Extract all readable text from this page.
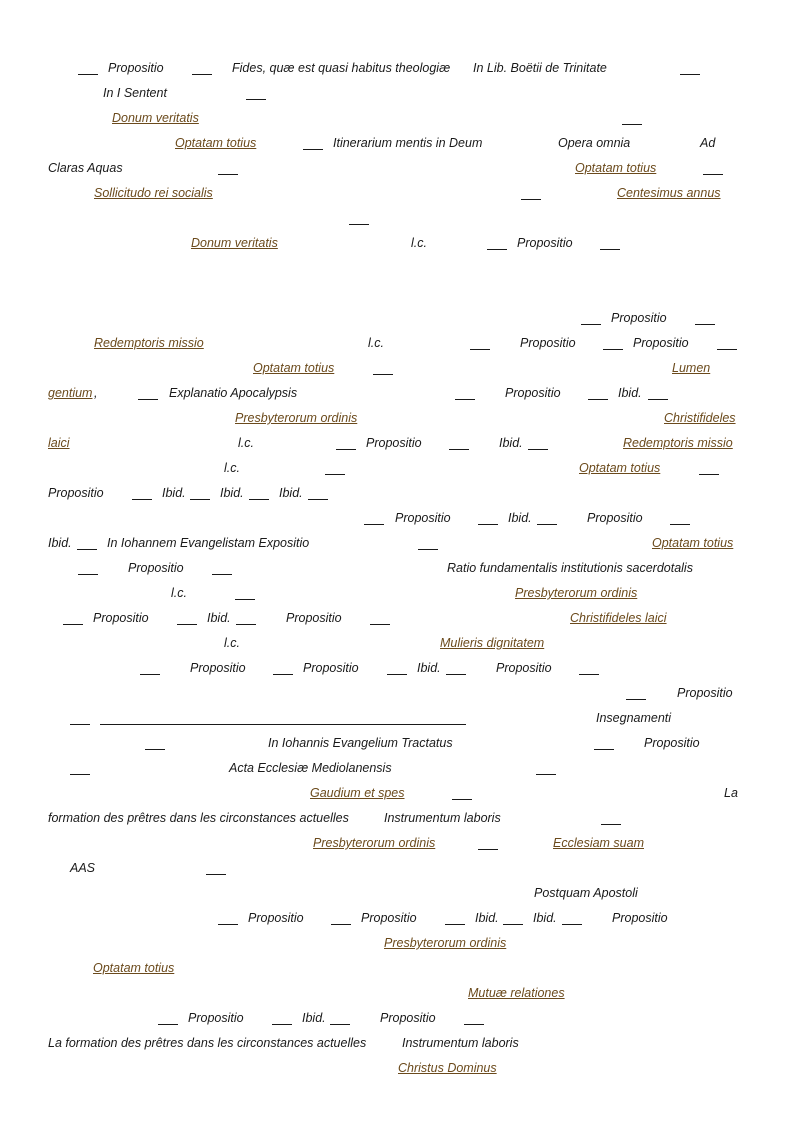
Propositio	Fides, quæ est quasi habitus theologiæ In Lib. Boëtii de Trinitate
In I Sentent
Donum veritatis
Optatam totius	Itinerarium mentis in Deum	Opera omnia	Ad
Claras Aquas	Optatam totius
Sollicitudo rei socialis	Centesimus annus
Donum veritatis	l.c.	Propositio
Propositio
Redemptoris missio	l.c.	Propositio	Propositio
Optatam totius	Lumen
gentium ,	Explanatio Apocalypsis	Propositio	Ibid.
Presbyterorum ordinis	Christifideles
laici	l.c.	Propositio	Ibid.	Redemptoris missio
l.c.	Optatam totius
Propositio	Ibid.	Ibid.	Ibid.
Propositio	Ibid.	Propositio
Ibid.	In Iohannem Evangelistam Expositio	Optatam totius
Propositio	Ratio fundamentalis institutionis sacerdotalis
l.c.	Presbyterorum ordinis
Propositio	Ibid.	Propositio	Christifideles laici
l.c.	Mulieris dignitatem
Propositio	Propositio	Ibid.	Propositio
Propositio
Insegnamenti
In Iohannis Evangelium Tractatus	Propositio
Acta Ecclesiæ Mediolanensis
Gaudium et spes	La
formation des prêtres dans les circonstances actuelles	Instrumentum laboris
Presbyterorum ordinis	Ecclesiam suam
AAS
Postquam Apostoli
Propositio	Propositio	Ibid.	Ibid.	Propositio
Presbyterorum ordinis
Optatam totius
Mutuæ relationes
Propositio	Ibid.	Propositio
La formation des prêtres dans les circonstances actuelles	Instrumentum laboris
Christus Dominus
